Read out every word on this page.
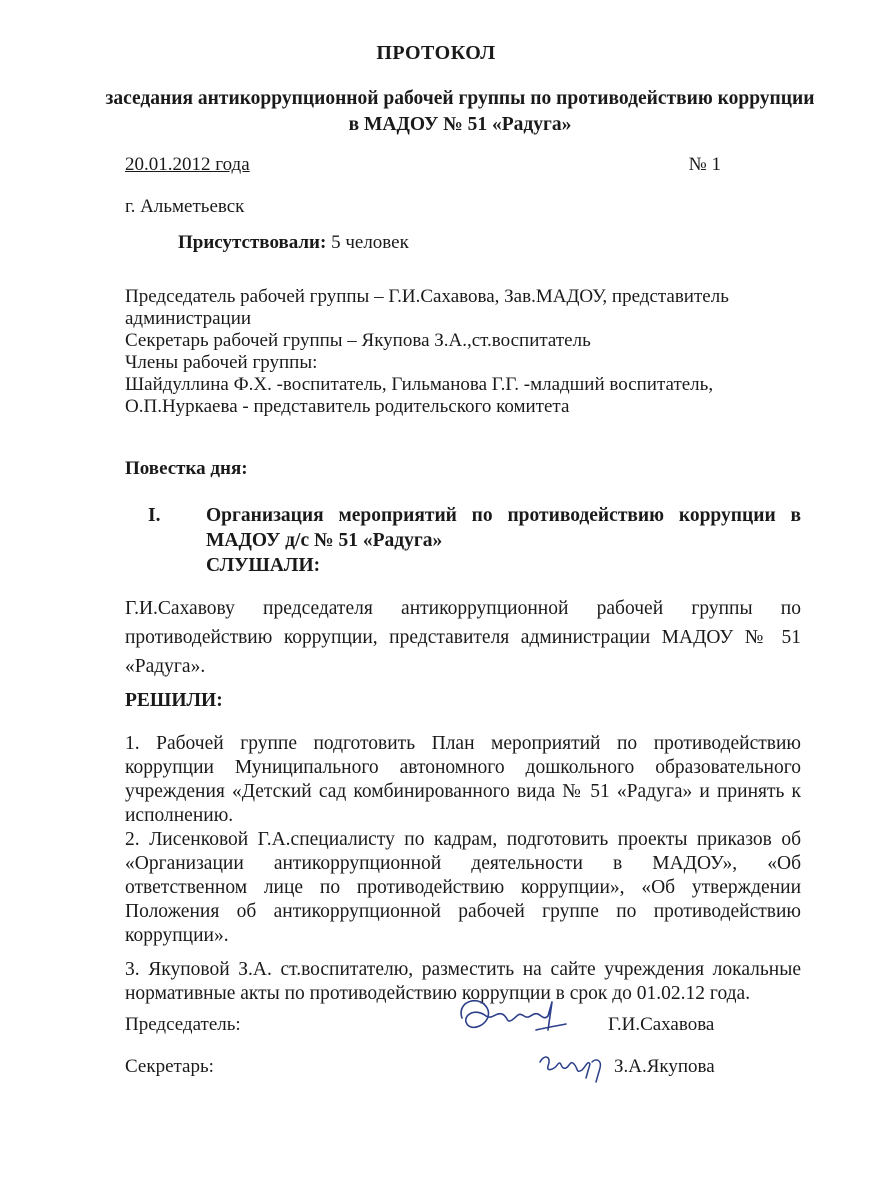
ПРОТОКОЛ
заседания антикоррупционной рабочей группы по противодействию коррупции в МАДОУ № 51 «Радуга»
20.01.2012 года	№ 1
г. Альметьевск
Присутствовали: 5 человек
Председатель рабочей группы – Г.И.Сахавова, Зав.МАДОУ, представитель
администрации
Секретарь рабочей группы – Якупова З.А.,ст.воспитатель
Члены рабочей группы:
Шайдуллина Ф.Х. -воспитатель, Гильманова Г.Г. -младший воспитатель,
О.П.Нуркаева - представитель родительского комитета
Повестка дня:
I. Организация мероприятий по противодействию коррупции в МАДОУ д/с № 51 «Радуга»
СЛУШАЛИ:
Г.И.Сахавову председателя антикоррупционной рабочей группы по противодействию коррупции, представителя администрации МАДОУ № 51 «Радуга».
РЕШИЛИ:

1. Рабочей группе подготовить План мероприятий по противодействию коррупции Муниципального автономного дошкольного образовательного учреждения «Детский сад комбинированного вида № 51 «Радуга» и принять к исполнению.

2. Лисенковой Г.А.специалисту по кадрам, подготовить проекты приказов об «Организации антикоррупционной деятельности в МАДОУ», «Об ответственном лице по противодействию коррупции», «Об утверждении Положения об антикоррупционной рабочей группе по противодействию коррупции».

3. Якуповой З.А. ст.воспитателю, разместить на сайте учреждения локальные нормативные акты по противодействию коррупции в срок до 01.02.12 года.

Председатель:	Г.И.Сахавова
Секретарь:	З.А.Якупова
